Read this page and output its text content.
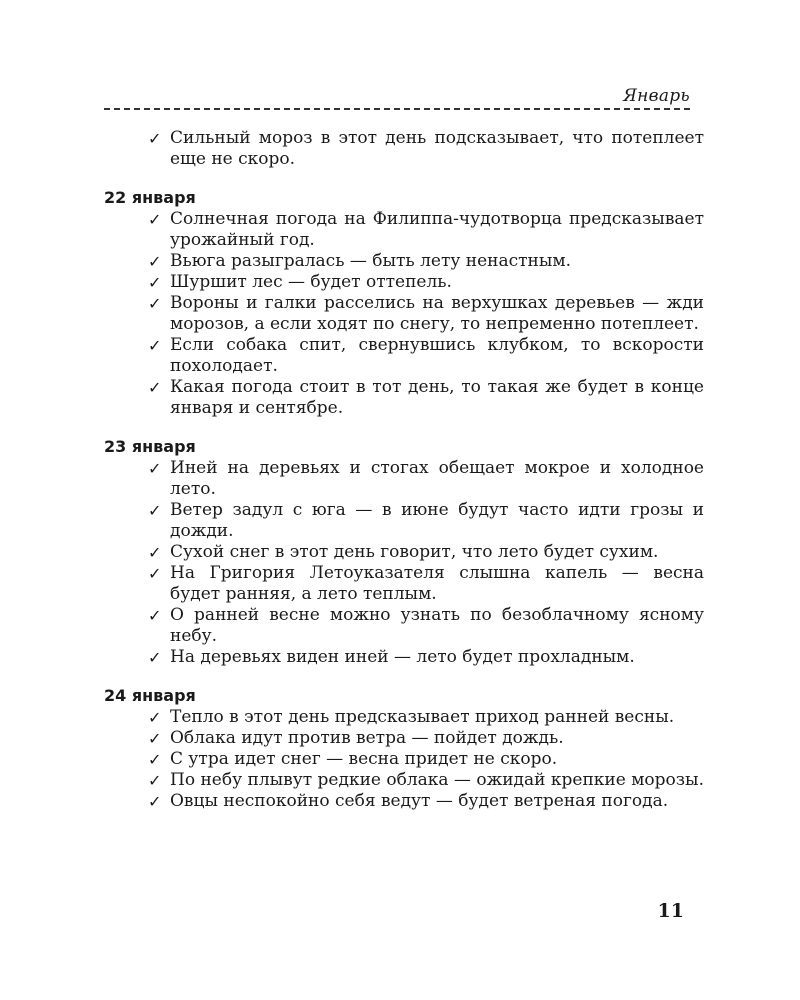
Январь
✓ Сильный мороз в этот день подсказывает, что потеплеет еще не скоро.
22 января
✓ Солнечная погода на Филиппа-чудотворца предсказывает урожайный год.
✓ Вьюга разыгралась — быть лету ненастным.
✓ Шуршит лес — будет оттепель.
✓ Вороны и галки расселись на верхушках деревьев — жди морозов, а если ходят по снегу, то непременно потеплеет.
✓ Если собака спит, свернувшись клубком, то вскорости похолодает.
✓ Какая погода стоит в тот день, то такая же будет в конце января и сентябре.
23 января
✓ Иней на деревьях и стогах обещает мокрое и холодное лето.
✓ Ветер задул с юга — в июне будут часто идти грозы и дожди.
✓ Сухой снег в этот день говорит, что лето будет сухим.
✓ На Григория Летоуказателя слышна капель — весна будет ранняя, а лето теплым.
✓ О ранней весне можно узнать по безоблачному ясному небу.
✓ На деревьях виден иней — лето будет прохладным.
24 января
✓ Тепло в этот день предсказывает приход ранней весны.
✓ Облака идут против ветра — пойдет дождь.
✓ С утра идет снег — весна придет не скоро.
✓ По небу плывут редкие облака — ожидай крепкие морозы.
✓ Овцы неспокойно себя ведут — будет ветреная погода.
11
